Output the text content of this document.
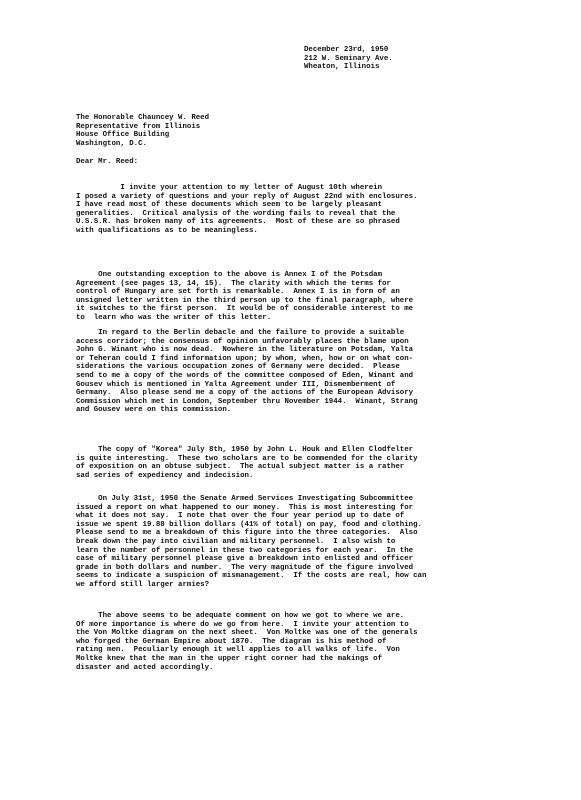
December 23rd, 1950
212 W. Seminary Ave.
Wheaton, Illinois
The Honorable Chauncey W. Reed
Representative from Illinois
House Office Building
Washington, D.C.
Dear Mr. Reed:
I invite your attention to my letter of August 10th wherein
I posed a variety of questions and your reply of August 22nd with enclosures.
I have read most of these documents which seem to be largely pleasant
generalities.  Critical analysis of the wording fails to reveal that the
U.S.S.R. has broken many of its agreements.  Most of these are so phrased
with qualifications as to be meaningless.
One outstanding exception to the above is Annex I of the Potsdam
Agreement (see pages 13, 14, 15).  The clarity with which the terms for
control of Hungary are set forth is remarkable.  Annex I is in form of an
unsigned letter written in the third person up to the final paragraph, where
it switches to the first person.  It would be of considerable interest to me
to  learn who was the writer of this letter.
In regard to the Berlin debacle and the failure to provide a suitable
access corridor; the consensus of opinion unfavorably places the blame upon
John G. Winant who is now dead.  Nowhere in the literature on Potsdam, Yalta
or Teheran could I find information upon; by whom, when, how or on what con-
siderations the various occupation zones of Germany were decided.  Please
send to me a copy of the words of the committee composed of Eden, Winant and
Gousev which is mentioned in Yalta Agreement under III, Dismemberment of
Germany.  Also please send me a copy of the actions of the European Advisory
Commission which met in London, September thru November 1944.  Winant, Strang
and Gousev were on this commission.
The copy of "Korea" July 8th, 1950 by John L. Houk and Ellen Clodfelter
is quite interesting.  These two scholars are to be commended for the clarity
of exposition on an obtuse subject.  The actual subject matter is a rather
sad series of expediency and indecision.
On July 31st, 1950 the Senate Armed Services Investigating Subcommittee
issued a report on what happened to our money.  This is most interesting for
what it does not say.  I note that over the four year period up to date of
issue we spent 19.88 billion dollars (41% of total) on pay, food and clothing.
Please send to me a breakdown of this figure into the three categories.  Also
break down the pay into civilian and military personnel.  I also wish to
learn the number of personnel in these two categories for each year.  In the
case of military personnel please give a breakdown into enlisted and officer
grade in both dollars and number.  The very magnitude of the figure involved
seems to indicate a suspicion of mismanagement.  If the costs are real, how can
we afford still larger armies?
The above seems to be adequate comment on how we got to where we are.
Of more importance is where do we go from here.  I invite your attention to
the Von Moltke diagram on the next sheet.  Von Moltke was one of the generals
who forged the German Empire about 1870.  The diagram is his method of
rating men.  Peculiarly enough it well applies to all walks of life.  Von
Moltke knew that the man in the upper right corner had the makings of
disaster and acted accordingly.
